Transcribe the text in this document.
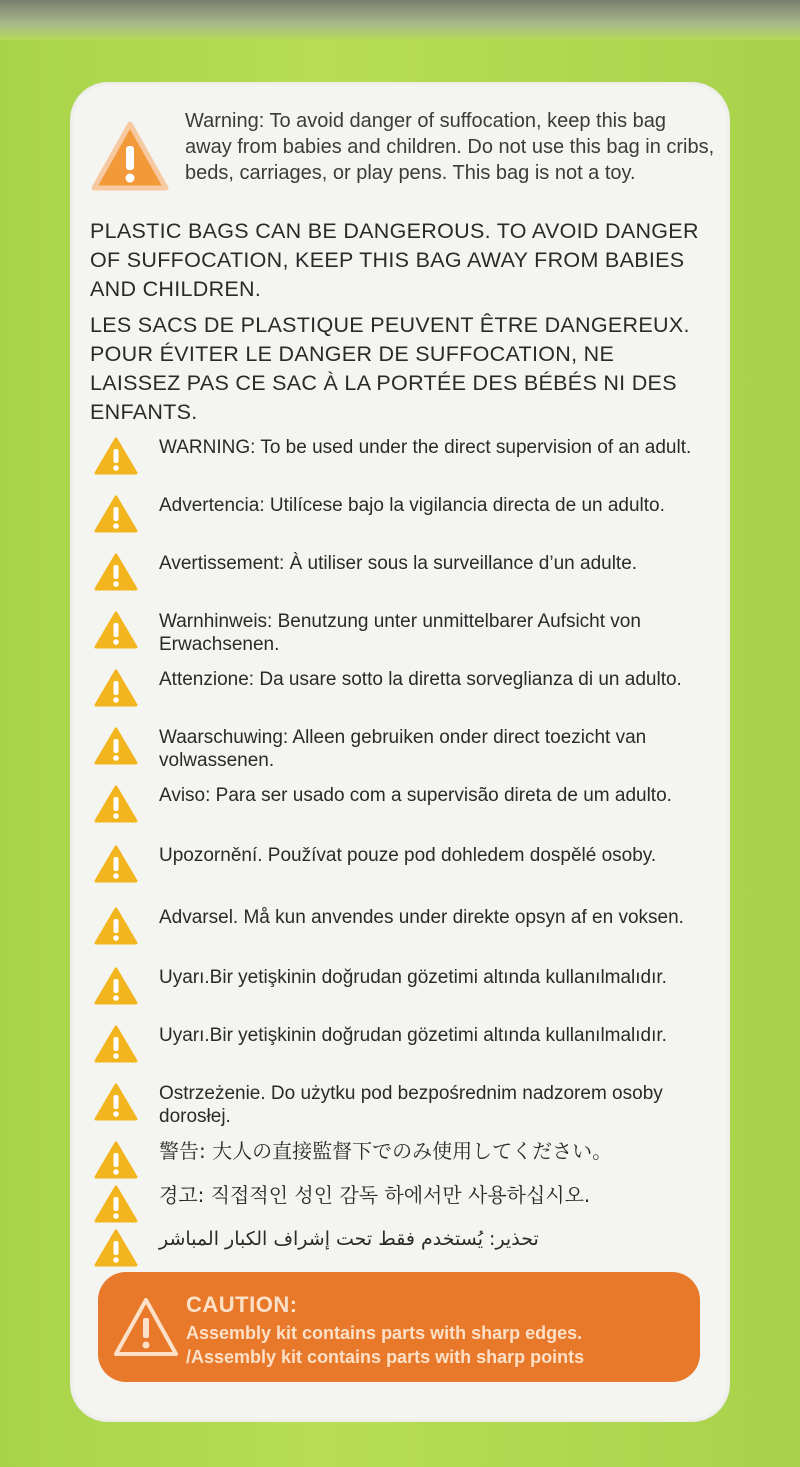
Warning: To avoid danger of suffocation, keep this bag away from babies and children. Do not use this bag in cribs, beds, carriages, or play pens. This bag is not a toy.
PLASTIC BAGS CAN BE DANGEROUS. TO AVOID DANGER OF SUFFOCATION, KEEP THIS BAG AWAY FROM BABIES AND CHILDREN.
LES SACS DE PLASTIQUE PEUVENT ÊTRE DANGEREUX. POUR ÉVITER LE DANGER DE SUFFOCATION, NE LAISSEZ PAS CE SAC À LA PORTÉE DES BÉBÉS NI DES ENFANTS.
WARNING: To be used under the direct supervision of an adult.
Advertencia: Utilícese bajo la vigilancia directa de un adulto.
Avertissement: À utiliser sous la surveillance d’un adulte.
Warnhinweis: Benutzung unter unmittelbarer Aufsicht von Erwachsenen.
Attenzione: Da usare sotto la diretta sorveglianza di un adulto.
Waarschuwing: Alleen gebruiken onder direct toezicht van volwassenen.
Aviso: Para ser usado com a supervisão direta de um adulto.
Upozornění. Používat pouze pod dohledem dospělé osoby.
Advarsel. Må kun anvendes under direkte opsyn af en voksen.
Uyarı.Bir yetişkinin doğrudan gözetimi altında kullanılmalıdır.
Uyarı.Bir yetişkinin doğrudan gözetimi altında kullanılmalıdır.
Ostrzeżenie. Do użytku pod bezpośrednim nadzorem osoby dorosłej.
警告: 大人の直接監督下でのみ使用してください。
경고: 직접적인 성인 감독 하에서만 사용하십시오.
تحذير: يُستخدم فقط تحت إشراف الكبار المباشر
CAUTION:
Assembly kit contains parts with sharp edges.
/Assembly kit contains parts with sharp points
